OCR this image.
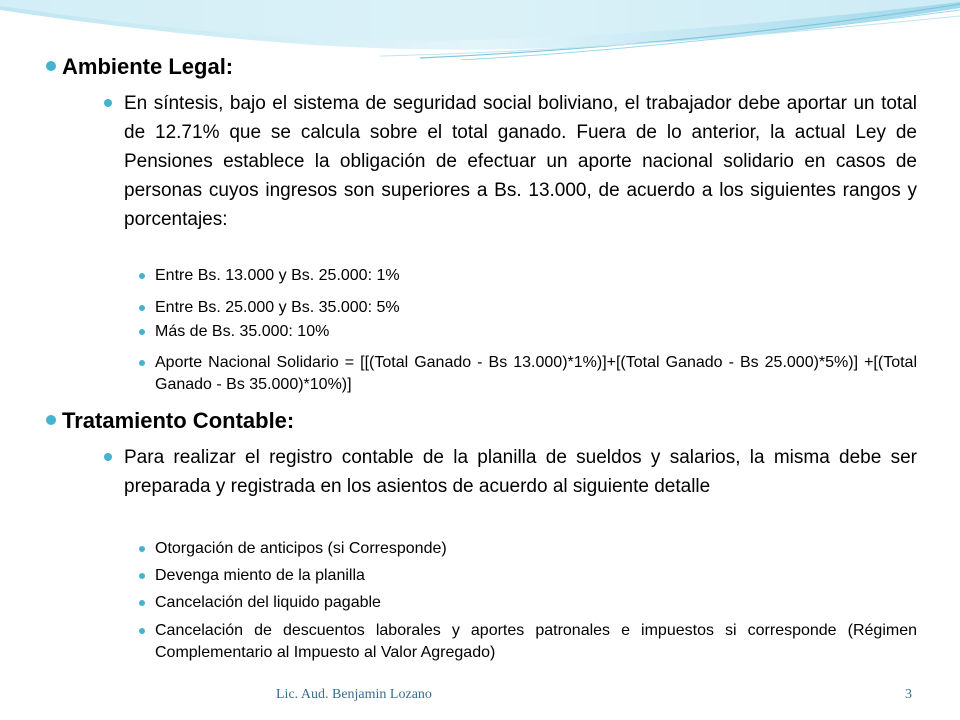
Ambiente Legal:
En síntesis, bajo el sistema de seguridad social boliviano, el trabajador debe aportar un total de 12.71% que se calcula sobre el total ganado. Fuera de lo anterior, la actual Ley de Pensiones establece la obligación de efectuar un aporte nacional solidario en casos de personas cuyos ingresos son superiores a Bs. 13.000, de acuerdo a los siguientes rangos y porcentajes:
Entre Bs. 13.000 y Bs. 25.000: 1%
Entre Bs. 25.000 y Bs. 35.000: 5%
Más de Bs. 35.000: 10%
Aporte Nacional Solidario = [[(Total Ganado - Bs 13.000)*1%)]+[(Total Ganado - Bs 25.000)*5%)] +[(Total Ganado - Bs 35.000)*10%)]
Tratamiento Contable:
Para realizar el registro contable de la planilla de sueldos y salarios, la misma debe ser preparada y registrada en los asientos de acuerdo al siguiente detalle
Otorgación de anticipos (si Corresponde)
Devenga miento de la planilla
Cancelación del liquido pagable
Cancelación de descuentos laborales y aportes patronales e impuestos si corresponde (Régimen Complementario al Impuesto al Valor Agregado)
Lic. Aud. Benjamin Lozano	3
